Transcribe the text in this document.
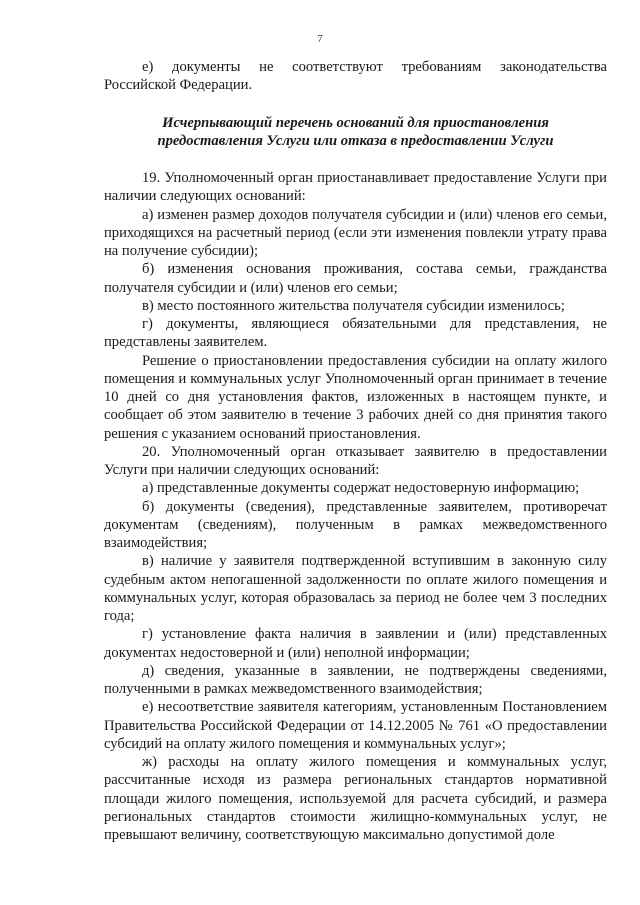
7

е) документы не соответствуют требованиям законодательства Российской Федерации.

Исчерпывающий перечень оснований для приостановления
предоставления Услуги или отказа в предоставлении Услуги

19. Уполномоченный орган приостанавливает предоставление Услуги при наличии следующих оснований:

а) изменен размер доходов получателя субсидии и (или) членов его семьи, приходящихся на расчетный период (если эти изменения повлекли утрату права на получение субсидии);

б) изменения основания проживания, состава семьи, гражданства получателя субсидии и (или) членов его семьи;

в) место постоянного жительства получателя субсидии изменилось;

г) документы, являющиеся обязательными для представления, не представлены заявителем.

Решение о приостановлении предоставления субсидии на оплату жилого помещения и коммунальных услуг Уполномоченный орган принимает в течение 10 дней со дня установления фактов, изложенных в настоящем пункте, и сообщает об этом заявителю в течение 3 рабочих дней со дня принятия такого решения с указанием оснований приостановления.

20. Уполномоченный орган отказывает заявителю в предоставлении Услуги при наличии следующих оснований:

а) представленные документы содержат недостоверную информацию;

б) документы (сведения), представленные заявителем, противоречат документам (сведениям), полученным в рамках межведомственного взаимодействия;

в) наличие у заявителя подтвержденной вступившим в законную силу судебным актом непогашенной задолженности по оплате жилого помещения и коммунальных услуг, которая образовалась за период не более чем 3 последних года;

г) установление факта наличия в заявлении и (или) представленных документах недостоверной и (или) неполной информации;

д) сведения, указанные в заявлении, не подтверждены сведениями, полученными в рамках межведомственного взаимодействия;

е) несоответствие заявителя категориям, установленным Постановлением Правительства Российской Федерации от 14.12.2005 № 761 «О предоставлении субсидий на оплату жилого помещения и коммунальных услуг»;

ж) расходы на оплату жилого помещения и коммунальных услуг, рассчитанные исходя из размера региональных стандартов нормативной площади жилого помещения, используемой для расчета субсидий, и размера региональных стандартов стоимости жилищно-коммунальных услуг, не превышают величину, соответствующую максимально допустимой доле
